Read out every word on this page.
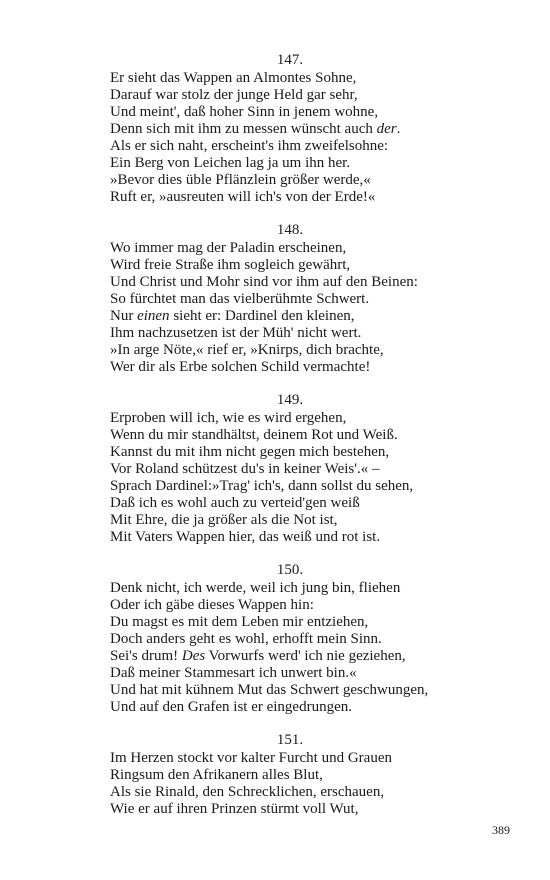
147.
Er sieht das Wappen an Almontes Sohne,
Darauf war stolz der junge Held gar sehr,
Und meint', daß hoher Sinn in jenem wohne,
Denn sich mit ihm zu messen wünscht auch der.
Als er sich naht, erscheint's ihm zweifelsohne:
Ein Berg von Leichen lag ja um ihn her.
»Bevor dies üble Pflänzlein größer werde,«
Ruft er, »ausreuten will ich's von der Erde!«
148.
Wo immer mag der Paladin erscheinen,
Wird freie Straße ihm sogleich gewährt,
Und Christ und Mohr sind vor ihm auf den Beinen:
So fürchtet man das vielberühmte Schwert.
Nur einen sieht er: Dardinel den kleinen,
Ihm nachzusetzen ist der Müh' nicht wert.
»In arge Nöte,« rief er, »Knirps, dich brachte,
Wer dir als Erbe solchen Schild vermachte!
149.
Erproben will ich, wie es wird ergehen,
Wenn du mir standhältst, deinem Rot und Weiß.
Kannst du mit ihm nicht gegen mich bestehen,
Vor Roland schützest du's in keiner Weis'.« –
Sprach Dardinel:»Trag' ich's, dann sollst du sehen,
Daß ich es wohl auch zu verteid'gen weiß
Mit Ehre, die ja größer als die Not ist,
Mit Vaters Wappen hier, das weiß und rot ist.
150.
Denk nicht, ich werde, weil ich jung bin, fliehen
Oder ich gäbe dieses Wappen hin:
Du magst es mit dem Leben mir entziehen,
Doch anders geht es wohl, erhofft mein Sinn.
Sei's drum! Des Vorwurfs werd' ich nie geziehen,
Daß meiner Stammesart ich unwert bin.«
Und hat mit kühnem Mut das Schwert geschwungen,
Und auf den Grafen ist er eingedrungen.
151.
Im Herzen stockt vor kalter Furcht und Grauen
Ringsum den Afrikanern alles Blut,
Als sie Rinald, den Schrecklichen, erschauen,
Wie er auf ihren Prinzen stürmt voll Wut,
389
